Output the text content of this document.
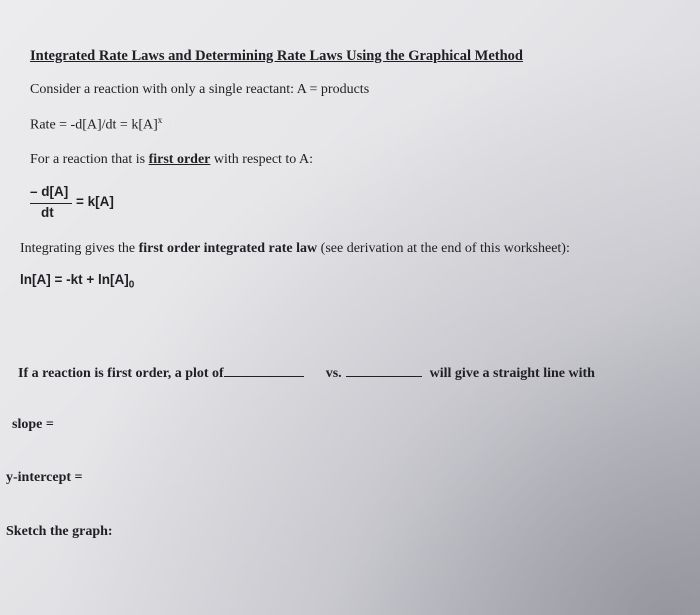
Integrated Rate Laws and Determining Rate Laws Using the Graphical Method
Consider a reaction with only a single reactant: A = products
Rate = $-d[A]/dt = k[A]^x$
For a reaction that is first order with respect to A:
– d[A]
dt
= k[A]
Integrating gives the first order integrated rate law (see derivation at the end of this worksheet):
$\ln[A] = -kt + \ln[A]_0$
If a reaction is first order, a plot of	vs.	will give a straight line with
slope =
y-intercept =
Sketch the graph:
